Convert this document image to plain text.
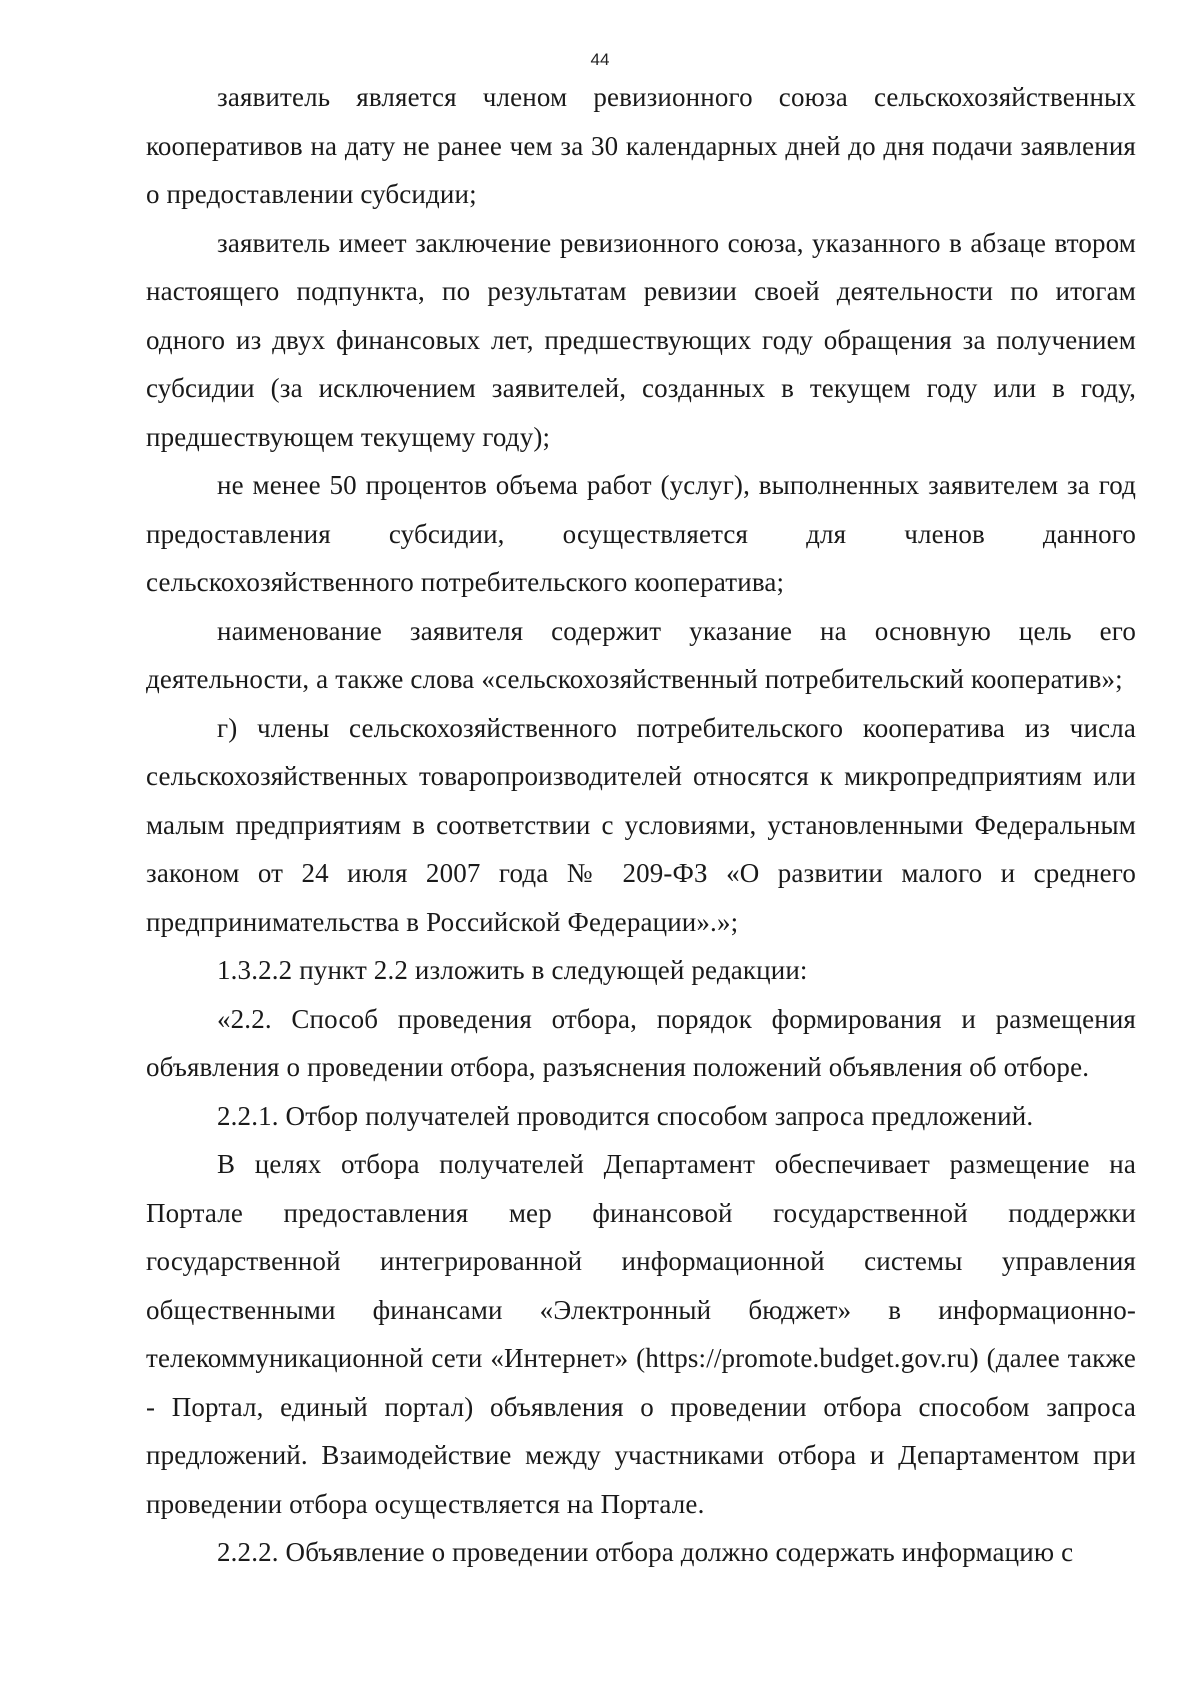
44

заявитель является членом ревизионного союза сельскохозяйственных кооперативов на дату не ранее чем за 30 календарных дней до дня подачи заявления о предоставлении субсидии;

заявитель имеет заключение ревизионного союза, указанного в абзаце втором настоящего подпункта, по результатам ревизии своей деятельности по итогам одного из двух финансовых лет, предшествующих году обращения за получением субсидии (за исключением заявителей, созданных в текущем году или в году, предшествующем текущему году);

не менее 50 процентов объема работ (услуг), выполненных заявителем за год предоставления субсидии, осуществляется для членов данного сельскохозяйственного потребительского кооператива;

наименование заявителя содержит указание на основную цель его деятельности, а также слова «сельскохозяйственный потребительский кооператив»;

г) члены сельскохозяйственного потребительского кооператива из числа сельскохозяйственных товаропроизводителей относятся к микропредприятиям или малым предприятиям в соответствии с условиями, установленными Федеральным законом от 24 июля 2007 года № 209-ФЗ «О развитии малого и среднего предпринимательства в Российской Федерации».»;

1.3.2.2 пункт 2.2 изложить в следующей редакции:

«2.2. Способ проведения отбора, порядок формирования и размещения объявления о проведении отбора, разъяснения положений объявления об отборе.

2.2.1. Отбор получателей проводится способом запроса предложений.

В целях отбора получателей Департамент обеспечивает размещение на Портале предоставления мер финансовой государственной поддержки государственной интегрированной информационной системы управления общественными финансами «Электронный бюджет» в информационно-телекоммуникационной сети «Интернет» (https://promote.budget.gov.ru) (далее также - Портал, единый портал) объявления о проведении отбора способом запроса предложений. Взаимодействие между участниками отбора и Департаментом при проведении отбора осуществляется на Портале.

2.2.2. Объявление о проведении отбора должно содержать информацию с
